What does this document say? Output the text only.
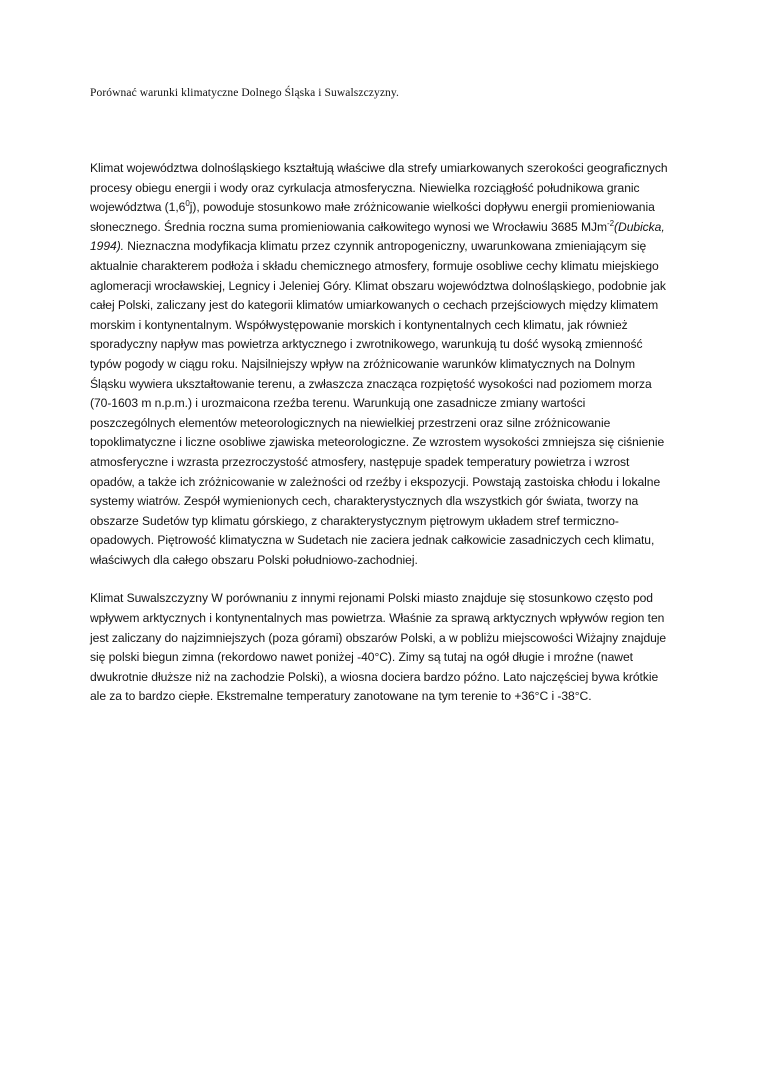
Porównać warunki klimatyczne Dolnego Śląska i Suwalszczyzny.

Klimat województwa dolnośląskiego kształtują właściwe dla strefy umiarkowanych szerokości geograficznych procesy obiegu energii i wody oraz cyrkulacja atmosferyczna. Niewielka rozciągłość południkowa granic województwa $(1,6^0j)$, powoduje stosunkowo małe zróżnicowanie wielkości dopływu energii promieniowania słonecznego. Średnia roczna suma promieniowania całkowitego wynosi we Wrocławiu 3685 MJm$^{-2}$(Dubicka, 1994). Nieznaczna modyfikacja klimatu przez czynnik antropogeniczny, uwarunkowana zmieniającym się aktualnie charakterem podłoża i składu chemicznego atmosfery, formuje osobliwe cechy klimatu miejskiego aglomeracji wrocławskiej, Legnicy i Jeleniej Góry. Klimat obszaru województwa dolnośląskiego, podobnie jak całej Polski, zaliczany jest do kategorii klimatów umiarkowanych o cechach przejściowych między klimatem morskim i kontynentalnym. Współwystępowanie morskich i kontynentalnych cech klimatu, jak również sporadyczny napływ mas powietrza arktycznego i zwrotnikowego, warunkują tu dość wysoką zmienność typów pogody w ciągu roku. Najsilniejszy wpływ na zróżnicowanie warunków klimatycznych na Dolnym Śląsku wywiera ukształtowanie terenu, a zwłaszcza znacząca rozpiętość wysokości nad poziomem morza (70-1603 m n.p.m.) i urozmaicona rzeźba terenu. Warunkują one zasadnicze zmiany wartości poszczególnych elementów meteorologicznych na niewielkiej przestrzeni oraz silne zróżnicowanie topoklimatyczne i liczne osobliwe zjawiska meteorologiczne. Ze wzrostem wysokości zmniejsza się ciśnienie atmosferyczne i wzrasta przezroczystość atmosfery, następuje spadek temperatury powietrza i wzrost opadów, a także ich zróżnicowanie w zależności od rzeźby i ekspozycji. Powstają zastoiska chłodu i lokalne systemy wiatrów. Zespół wymienionych cech, charakterystycznych dla wszystkich gór świata, tworzy na obszarze Sudetów typ klimatu górskiego, z charakterystycznym piętrowym układem stref termiczno-opadowych. Piętrowość klimatyczna w Sudetach nie zaciera jednak całkowicie zasadniczych cech klimatu, właściwych dla całego obszaru Polski południowo-zachodniej.

Klimat Suwalszczyzny W porównaniu z innymi rejonami Polski miasto znajduje się stosunkowo często pod wpływem arktycznych i kontynentalnych mas powietrza. Właśnie za sprawą arktycznych wpływów region ten jest zaliczany do najzimniejszych (poza górami) obszarów Polski, a w pobliżu miejscowości Wiżajny znajduje się polski biegun zimna (rekordowo nawet poniżej -40°C). Zimy są tutaj na ogół długie i mroźne (nawet dwukrotnie dłuższe niż na zachodzie Polski), a wiosna dociera bardzo późno. Lato najczęściej bywa krótkie ale za to bardzo ciepłe. Ekstremalne temperatury zanotowane na tym terenie to +36°C i -38°C.
